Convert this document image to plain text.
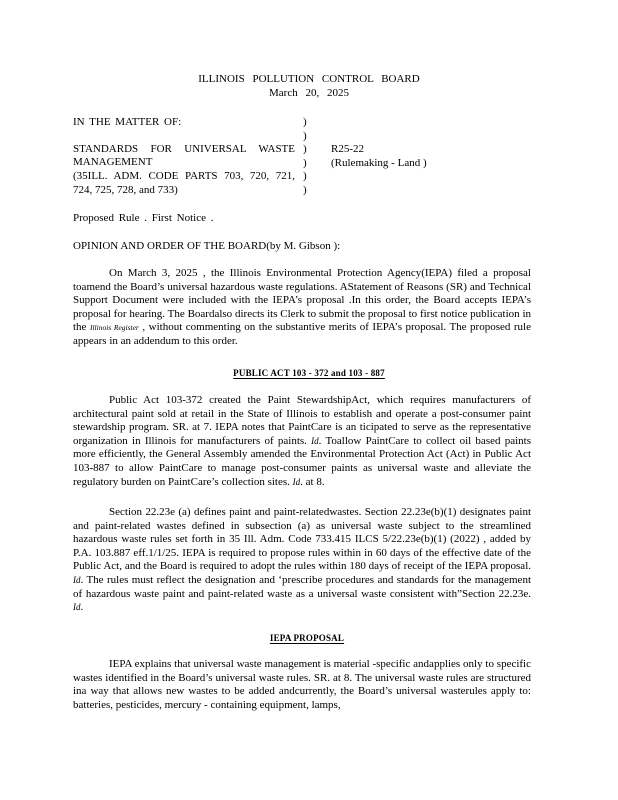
ILLINOIS POLLUTION CONTROL BOARD
March 20, 2025
IN THE MATTER OF:
STANDARDS FOR UNIVERSAL WASTE
MANAGEMENT
(35ILL. ADM. CODE PARTS 703, 720, 721,
724, 725, 728, and 733)
)
)
)
)
)
)
R25-22
(Rulemaking - Land )
Proposed Rule . First Notice .
OPINION AND ORDER OF THE BOARD(by M. Gibson ):

On March 3, 2025 , the Illinois Environmental Protection Agency(IEPA) filed a proposal toamend the Board’s universal hazardous waste regulations. AStatement of Reasons (SR) and Technical Support Document were included with the IEPA’s proposal .In this order, the Board accepts IEPA’s proposal for hearing. The Boardalso directs its Clerk to submit the proposal to first notice publication in the Illinois Register , without commenting on the substantive merits of IEPA’s proposal. The proposed rule appears in an addendum to this order.

PUBLIC ACT 103 - 372 and 103 - 887

Public Act 103-372 created the Paint StewardshipAct, which requires manufacturers of architectural paint sold at retail in the State of Illinois to establish and operate a post-consumer paint stewardship program. SR. at 7. IEPA notes that PaintCare is an ticipated to serve as the representative organization in Illinois for manufacturers of paints. Id. Toallow PaintCare to collect oil based paints more efficiently, the General Assembly amended the Environmental Protection Act (Act) in Public Act 103-887 to allow PaintCare to manage post-consumer paints as universal waste and alleviate the regulatory burden on PaintCare’s collection sites. Id. at 8.

Section 22.23e (a) defines paint and paint-relatedwastes. Section 22.23e(b)(1) designates paint and paint-related wastes defined in subsection (a) as universal waste subject to the streamlined hazardous waste rules set forth in 35 Ill. Adm. Code 733.415 ILCS 5/22.23e(b)(1) (2022) , added by P.A. 103.887 eff.1/1/25. IEPA is required to propose rules within in 60 days of the effective date of the Public Act, and the Board is required to adopt the rules within 180 days of receipt of the IEPA proposal. Id. The rules must reflect the designation and ‘prescribe procedures and standards for the management of hazardous waste paint and paint-related waste as a universal waste consistent with”Section 22.23e. Id.

IEPA PROPOSAL

IEPA explains that universal waste management is material -specific andapplies only to specific wastes identified in the Board’s universal waste rules. SR. at 8. The universal waste rules are structured ina way that allows new wastes to be added andcurrently, the Board’s universal wasterules apply to: batteries, pesticides, mercury - containing equipment, lamps,
